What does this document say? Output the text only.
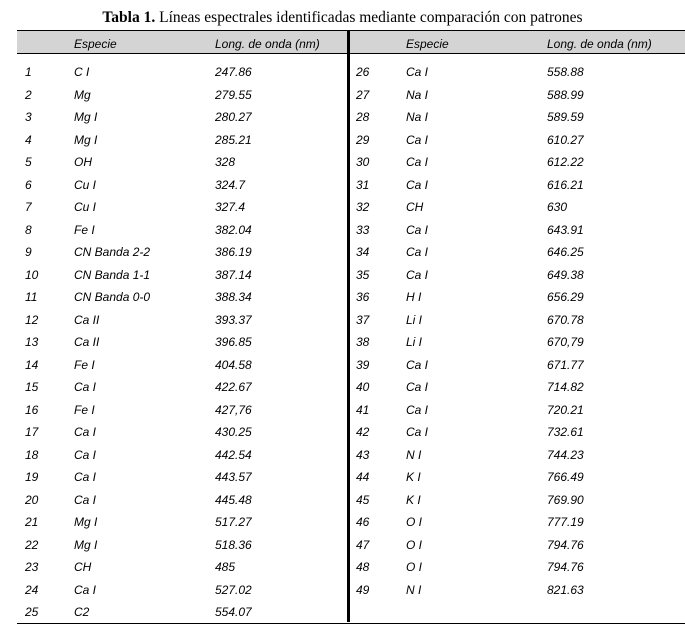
Tabla 1. Líneas espectrales identificadas mediante comparación con patrones
Especie	Long. de onda (nm)
1	C I	247.86
2	Mg	279.55
3	Mg I	280.27
4	Mg I	285.21
5	OH	328
6	Cu I	324.7
7	Cu I	327.4
8	Fe I	382.04
9	CN Banda 2-2	386.19
10	CN Banda 1-1	387.14
11	CN Banda 0-0	388.34
12	Ca II	393.37
13	Ca II	396.85
14	Fe I	404.58
15	Ca I	422.67
16	Fe I	427,76
17	Ca I	430.25
18	Ca I	442.54
19	Ca I	443.57
20	Ca I	445.48
21	Mg I	517.27
22	Mg I	518.36
23	CH	485
24	Ca I	527.02
25	C2	554.07
Especie	Long. de onda (nm)
26	Ca I	558.88
27	Na I	588.99
28	Na I	589.59
29	Ca I	610.27
30	Ca I	612.22
31	Ca I	616.21
32	CH	630
33	Ca I	643.91
34	Ca I	646.25
35	Ca I	649.38
36	H I	656.29
37	Li I	670.78
38	Li I	670,79
39	Ca I	671.77
40	Ca I	714.82
41	Ca I	720.21
42	Ca I	732.61
43	N I	744.23
44	K I	766.49
45	K I	769.90
46	O I	777.19
47	O I	794.76
48	O I	794.76
49	N I	821.63
